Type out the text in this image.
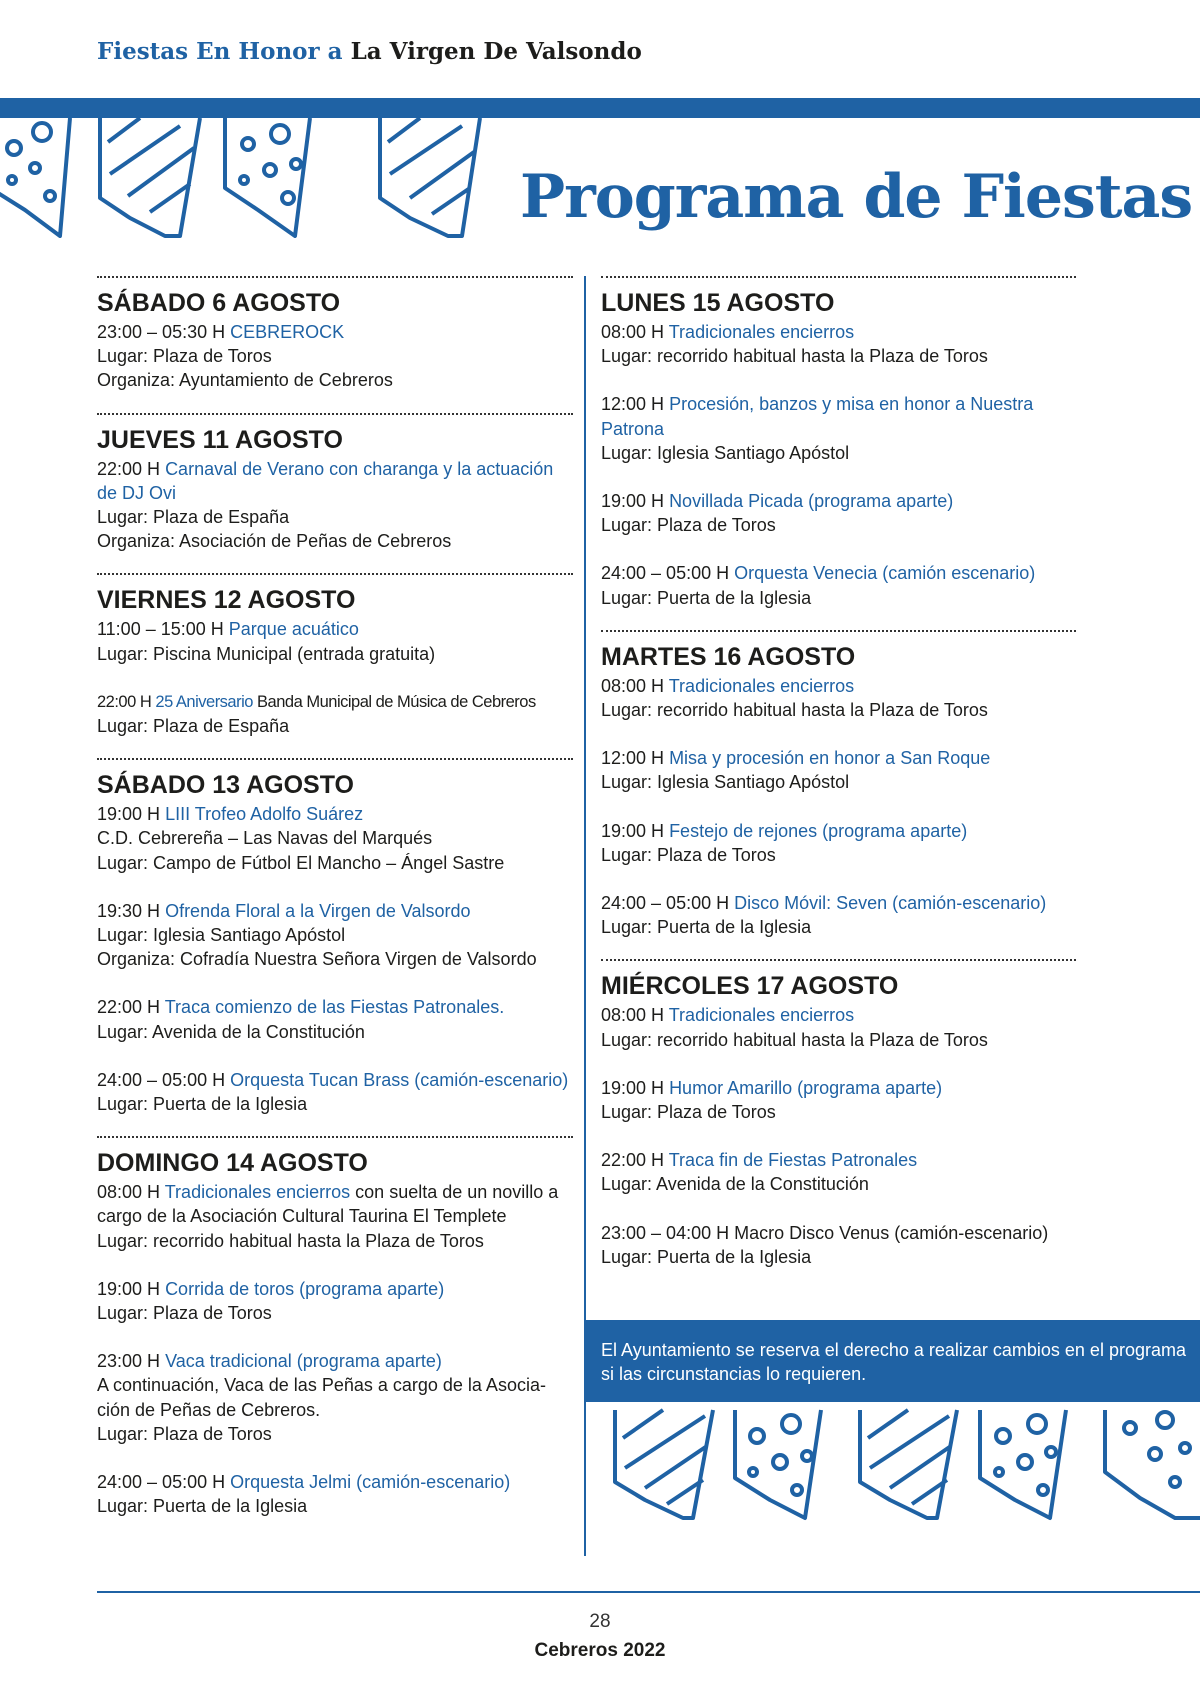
Fiestas En Honor a La Virgen De Valsondo
Programa de Fiestas
SÁBADO 6 AGOSTO

23:00 – 05:30 H CEBREROCK

Lugar: Plaza de Toros

Organiza: Ayuntamiento de Cebreros

JUEVES 11 AGOSTO

22:00 H Carnaval de Verano con charanga y la actuación de DJ Ovi

Lugar: Plaza de España

Organiza: Asociación de Peñas de Cebreros

VIERNES 12 AGOSTO

11:00 – 15:00 H Parque acuático

Lugar: Piscina Municipal (entrada gratuita)

22:00 H 25 Aniversario Banda Municipal de Música de Cebreros

Lugar: Plaza de España

SÁBADO 13 AGOSTO

19:00 H LIII Trofeo Adolfo Suárez

C.D. Cebrereña – Las Navas del Marqués

Lugar: Campo de Fútbol El Mancho – Ángel Sastre

19:30 H Ofrenda Floral a la Virgen de Valsordo

Lugar: Iglesia Santiago Apóstol

Organiza: Cofradía Nuestra Señora Virgen de Valsordo

22:00 H Traca comienzo de las Fiestas Patronales.

Lugar: Avenida de la Constitución

24:00 – 05:00 H Orquesta Tucan Brass (camión-escenario)

Lugar: Puerta de la Iglesia

DOMINGO 14 AGOSTO

08:00 H Tradicionales encierros con suelta de un novillo a cargo de la Asociación Cultural Taurina El Templete

Lugar: recorrido habitual hasta la Plaza de Toros

19:00 H Corrida de toros (programa aparte)

Lugar: Plaza de Toros

23:00 H Vaca tradicional (programa aparte)

A continuación, Vaca de las Peñas a cargo de la Asocia-

ción de Peñas de Cebreros.

Lugar: Plaza de Toros

24:00 – 05:00 H Orquesta Jelmi (camión-escenario)

Lugar: Puerta de la Iglesia

LUNES 15 AGOSTO

08:00 H Tradicionales encierros

Lugar: recorrido habitual hasta la Plaza de Toros

12:00 H Procesión, banzos y misa en honor a Nuestra Patrona

Lugar: Iglesia Santiago Apóstol

19:00 H Novillada Picada (programa aparte)

Lugar: Plaza de Toros

24:00 – 05:00 H Orquesta Venecia (camión escenario)

Lugar: Puerta de la Iglesia

MARTES 16 AGOSTO

08:00 H Tradicionales encierros

Lugar: recorrido habitual hasta la Plaza de Toros

12:00 H Misa y procesión en honor a San Roque

Lugar: Iglesia Santiago Apóstol

19:00 H Festejo de rejones (programa aparte)

Lugar: Plaza de Toros

24:00 – 05:00 H Disco Móvil: Seven (camión-escenario)

Lugar: Puerta de la Iglesia

MIÉRCOLES 17 AGOSTO

08:00 H Tradicionales encierros

Lugar: recorrido habitual hasta la Plaza de Toros

19:00 H Humor Amarillo (programa aparte)

Lugar: Plaza de Toros

22:00 H Traca fin de Fiestas Patronales

Lugar: Avenida de la Constitución

23:00 – 04:00 H Macro Disco Venus (camión-escenario)

Lugar: Puerta de la Iglesia

El Ayuntamiento se reserva el derecho a realizar cambios en el programa si las circunstancias lo requieren.
28
Cebreros 2022
